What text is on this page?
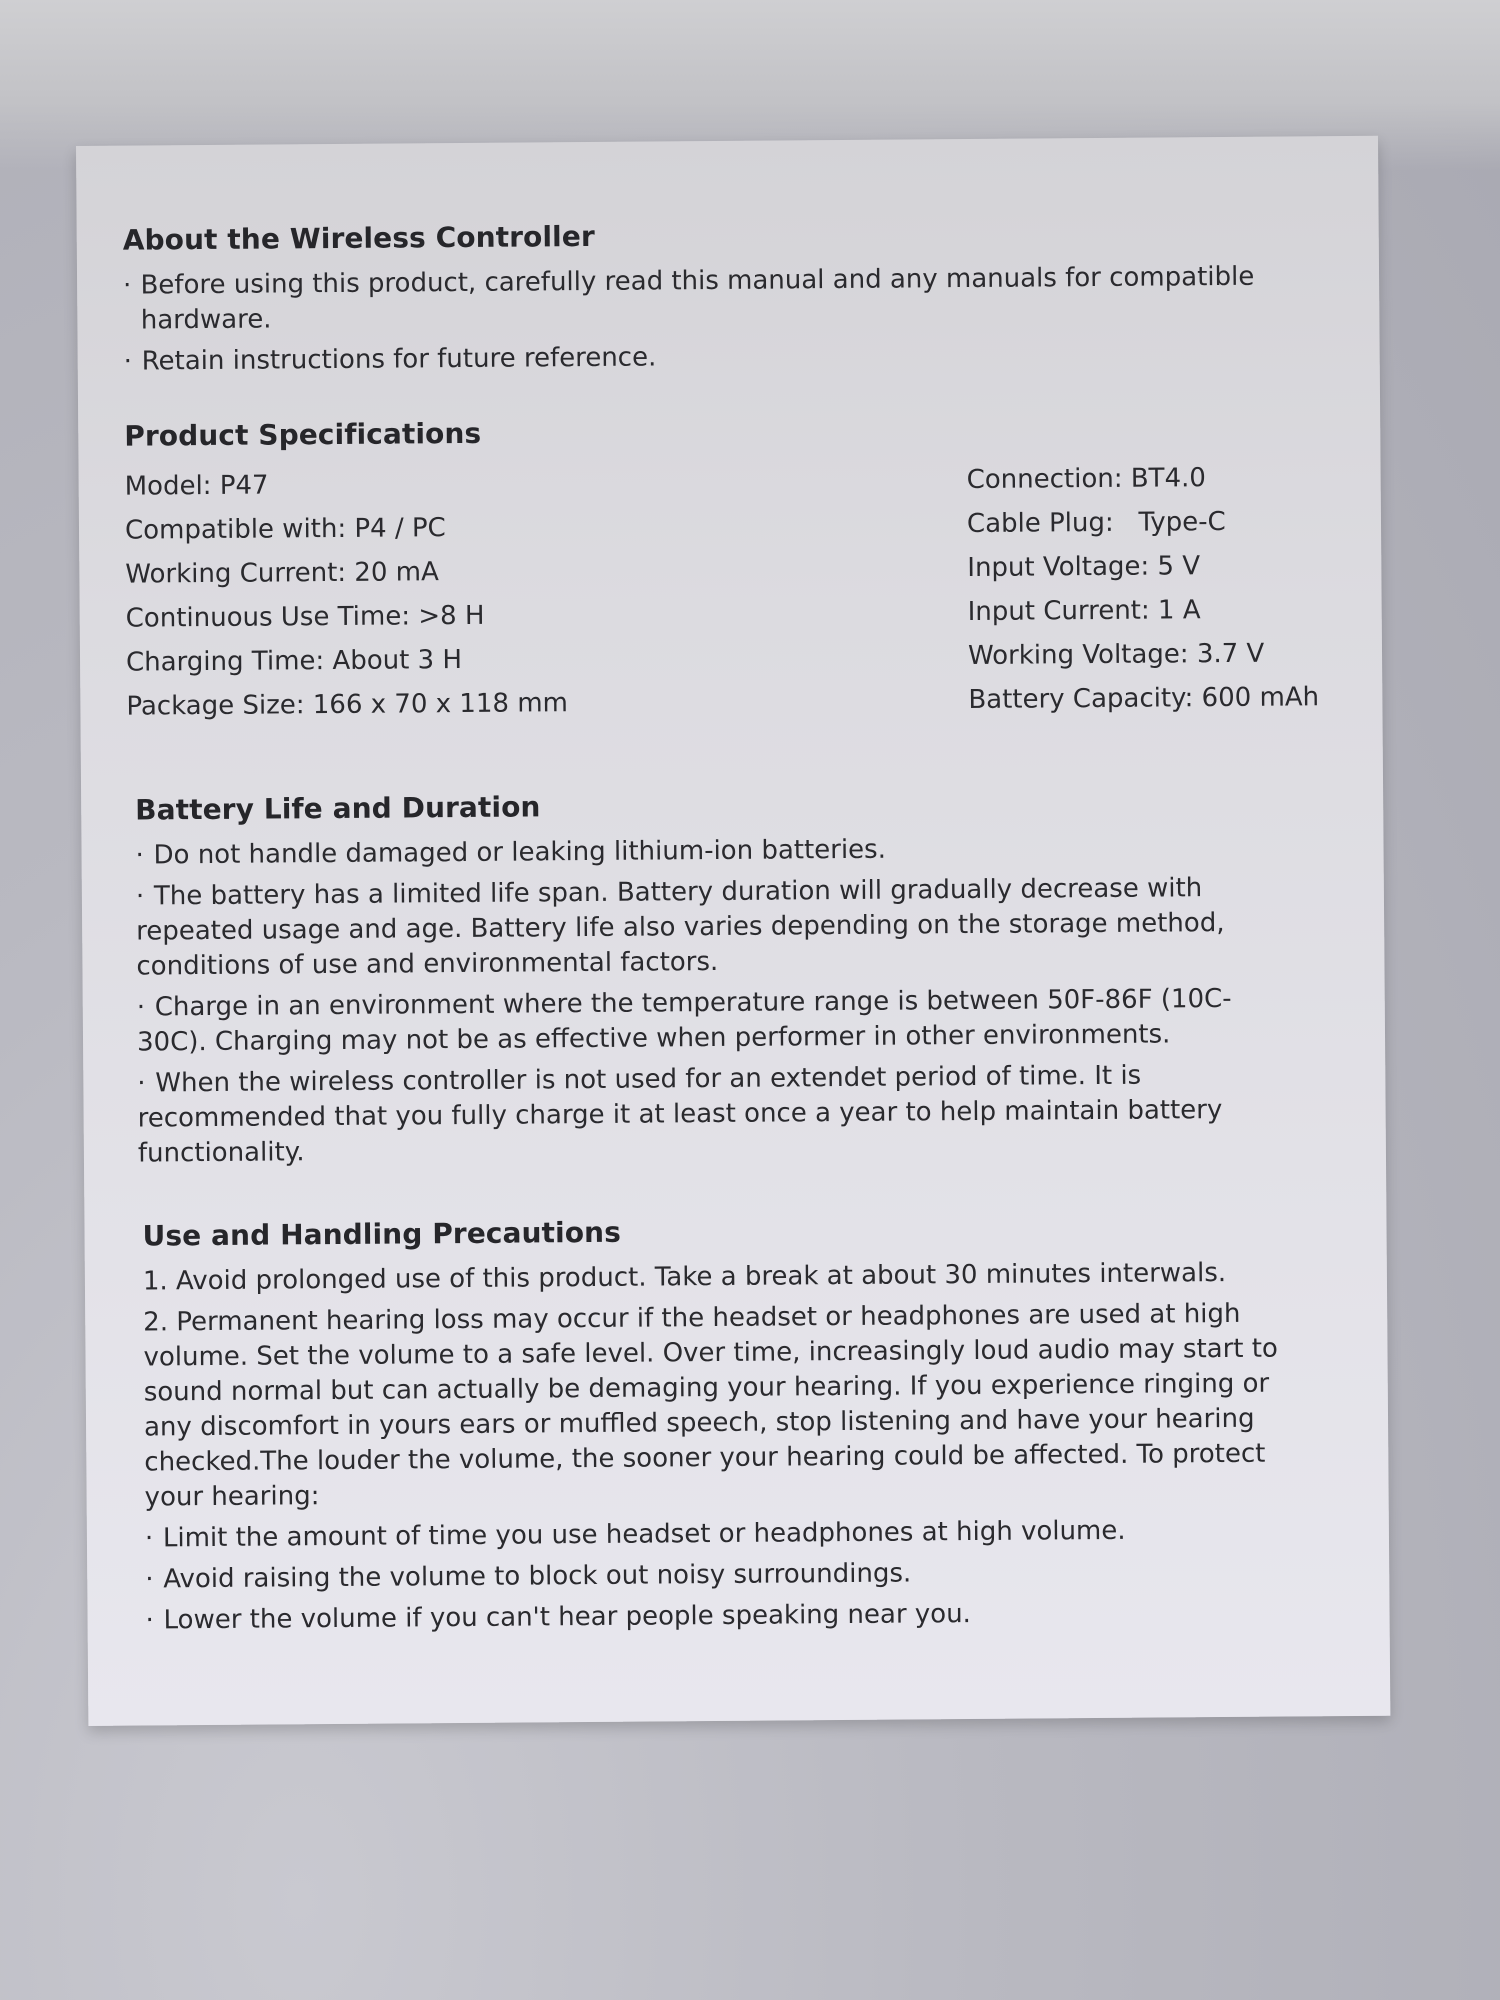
About the Wireless Controller

· Before using this product, carefully read this manual and any manuals for compatible hardware.

· Retain instructions for future reference.

Product Specifications

Model: P47

Compatible with: P4 / PC

Working Current: 20 mA

Continuous Use Time: >8 H

Charging Time: About 3 H

Package Size: 166 x 70 x 118 mm

Connection: BT4.0

Cable Plug:   Type-C

Input Voltage: 5 V

Input Current: 1 A

Working Voltage: 3.7 V

Battery Capacity: 600 mAh

Battery Life and Duration

· Do not handle damaged or leaking lithium-ion batteries.

· The battery has a limited life span. Battery duration will gradually decrease with repeated usage and age. Battery life also varies depending on the storage method, conditions of use and environmental factors.

· Charge in an environment where the temperature range is between 50F-86F (10C-30C). Charging may not be as effective when performer in other environments.

· When the wireless controller is not used for an extendet period of time. It is recommended that you fully charge it at least once a year to help maintain battery functionality.

Use and Handling Precautions

1. Avoid prolonged use of this product. Take a break at about 30 minutes interwals.

2. Permanent hearing loss may occur if the headset or headphones are used at high volume. Set the volume to a safe level. Over time, increasingly loud audio may start to sound normal but can actually be demaging your hearing. If you experience ringing or any discomfort in yours ears or muffled speech, stop listening and have your hearing checked.The louder the volume, the sooner your hearing could be affected. To protect your hearing:

· Limit the amount of time you use headset or headphones at high volume.

· Avoid raising the volume to block out noisy surroundings.

· Lower the volume if you can't hear people speaking near you.
